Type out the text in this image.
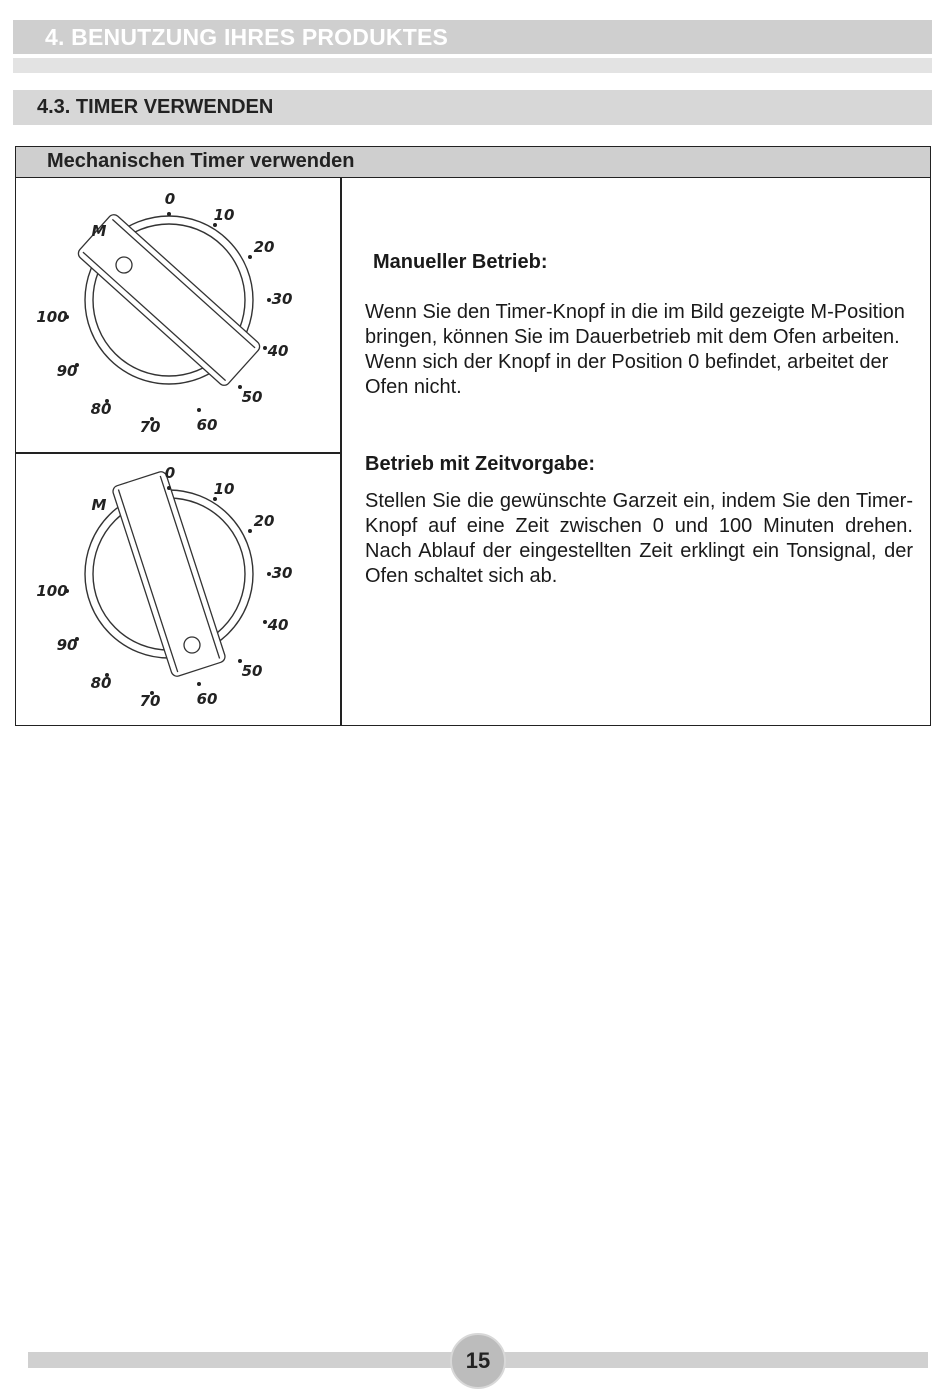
4. BENUTZUNG IHRES PRODUKTES
4.3. TIMER VERWENDEN
Mechanischen Timer verwenden
0
10
20
30
40
50
60
70
80
90
100
M
0
10
20
30
40
50
60
70
80
90
100
M
Manueller Betrieb:
Wenn Sie den Timer-Knopf in die im Bild gezeigte M-Position bringen, können Sie im Dauerbetrieb mit dem Ofen arbeiten. Wenn sich der Knopf in der Position 0 befindet, arbeitet der Ofen nicht.
Betrieb mit Zeitvorgabe:
Stellen Sie die gewünschte Garzeit ein, indem Sie den Timer-Knopf auf eine Zeit zwischen 0 und 100 Minuten drehen. Nach Ablauf der eingestellten Zeit erklingt ein Tonsignal, der Ofen schaltet sich ab.
15
